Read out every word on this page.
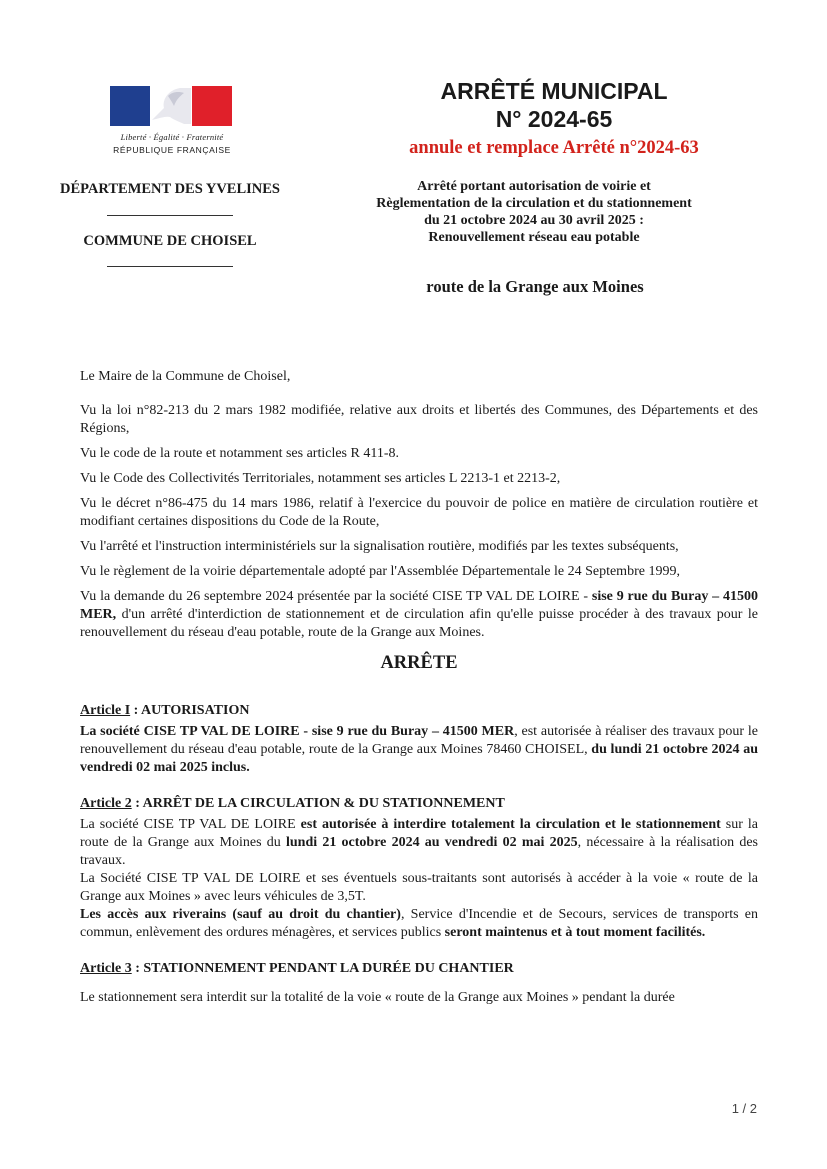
Liberté · Égalité · Fraternité
RÉPUBLIQUE FRANÇAISE
ARRÊTÉ MUNICIPAL
N° 2024-65
annule et remplace Arrêté n°2024-63
DÉPARTEMENT DES YVELINES
COMMUNE DE CHOISEL
Arrêté portant autorisation de voirie et
Règlementation de la circulation et du stationnement
du 21 octobre 2024 au 30 avril 2025 :
Renouvellement réseau eau potable
route de la Grange aux Moines

Le Maire de la Commune de Choisel,

Vu la loi n°82-213 du 2 mars 1982 modifiée, relative aux droits et libertés des Communes, des Départements et des Régions,

Vu le code de la route et notamment ses articles R 411-8.

Vu le Code des Collectivités Territoriales, notamment ses articles L 2213-1 et 2213-2,

Vu le décret n°86-475 du 14 mars 1986, relatif à l'exercice du pouvoir de police en matière de circulation routière et modifiant certaines dispositions du Code de la Route,

Vu l'arrêté et l'instruction interministériels sur la signalisation routière, modifiés par les textes subséquents,

Vu le règlement de la voirie départementale adopté par l'Assemblée Départementale le 24 Septembre 1999,

Vu la demande du 26 septembre 2024 présentée par la société CISE TP VAL DE LOIRE - sise 9 rue du Buray – 41500 MER, d'un arrêté d'interdiction de stationnement et de circulation afin qu'elle puisse procéder à des travaux pour le renouvellement du réseau d'eau potable, route de la Grange aux Moines.

ARRÊTE

Article I : AUTORISATION

La société CISE TP VAL DE LOIRE - sise 9 rue du Buray – 41500 MER, est autorisée à réaliser des travaux pour le renouvellement du réseau d'eau potable, route de la Grange aux Moines 78460 CHOISEL, du lundi 21 octobre 2024 au vendredi 02 mai 2025 inclus.

Article 2 : ARRÊT DE LA CIRCULATION & DU STATIONNEMENT

La société CISE TP VAL DE LOIRE est autorisée à interdire totalement la circulation et le stationnement sur la route de la Grange aux Moines du lundi 21 octobre 2024 au vendredi 02 mai 2025, nécessaire à la réalisation des travaux.

La Société CISE TP VAL DE LOIRE et ses éventuels sous-traitants sont autorisés à accéder à la voie « route de la Grange aux Moines » avec leurs véhicules de 3,5T.

Les accès aux riverains (sauf au droit du chantier), Service d'Incendie et de Secours, services de transports en commun, enlèvement des ordures ménagères, et services publics seront maintenus et à tout moment facilités.

Article 3 : STATIONNEMENT PENDANT LA DURÉE DU CHANTIER

Le stationnement sera interdit sur la totalité de la voie « route de la Grange aux Moines » pendant la durée

1 / 2
